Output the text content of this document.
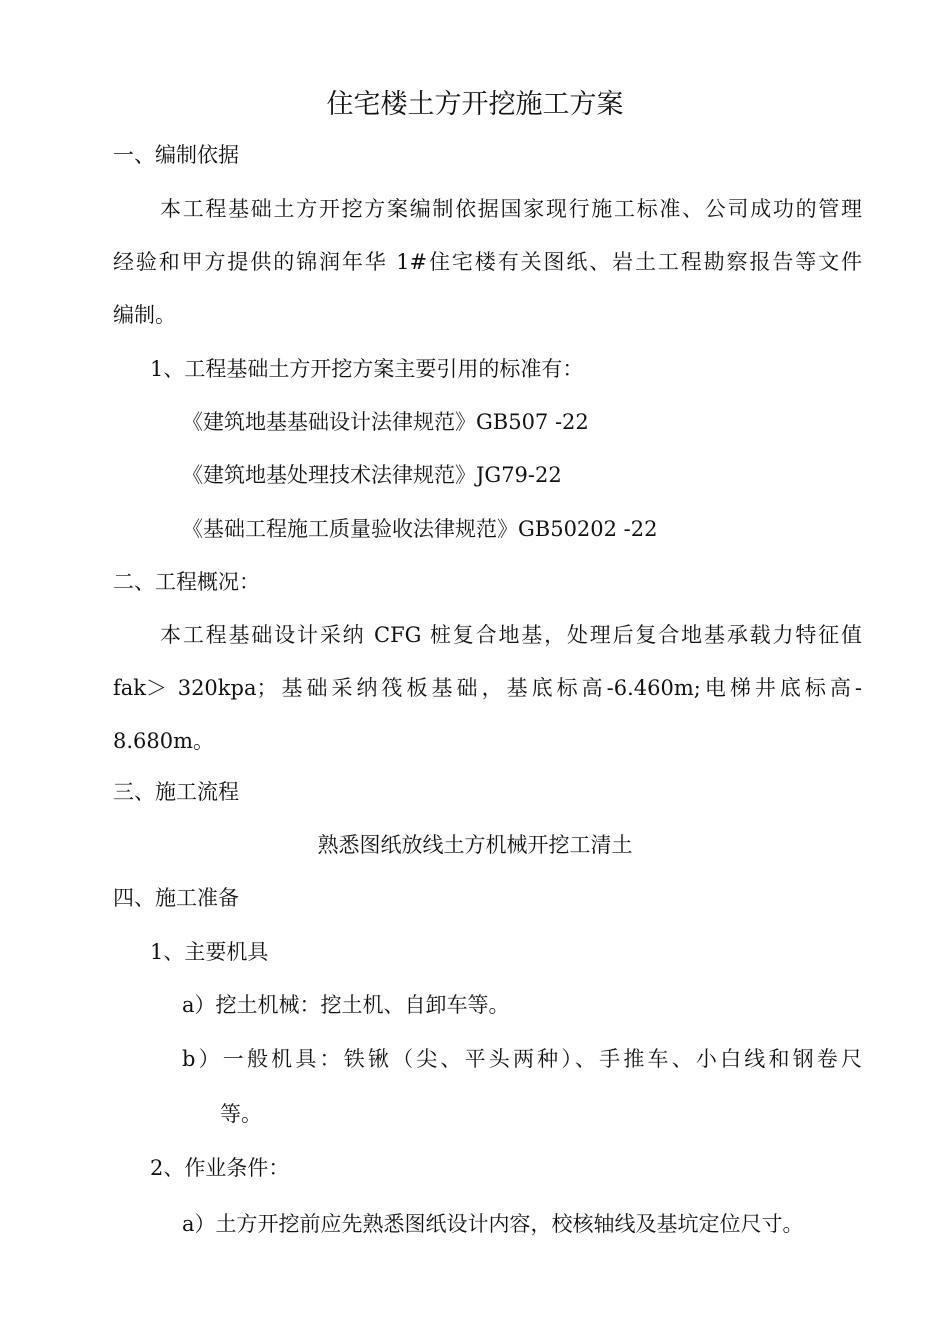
住宅楼土方开挖施工方案
一、编制依据
本工程基础土方开挖方案编制依据国家现行施工标准、公司成功的管理
经验和甲方提供的锦润年华 1#住宅楼有关图纸、岩土工程勘察报告等文件
编制。
1、工程基础土方开挖方案主要引用的标准有：
《建筑地基基础设计法律规范》GB507 -22
《建筑地基处理技术法律规范》JG79-22
《基础工程施工质量验收法律规范》GB50202 -22
二、工程概况：
本工程基础设计采纳 CFG 桩复合地基，处理后复合地基承载力特征值
fak＞ 320kpa；基础采纳筏板基础，基底标高-6.460m;电梯井底标高-
8.680m。
三、施工流程
熟悉图纸放线土方机械开挖工清土
四、施工准备
1、主要机具
a）挖土机械：挖土机、自卸车等。
b）一般机具：铁锹（尖、平头两种）、手推车、小白线和钢卷尺
等。
2、作业条件：
a）土方开挖前应先熟悉图纸设计内容，校核轴线及基坑定位尺寸。
